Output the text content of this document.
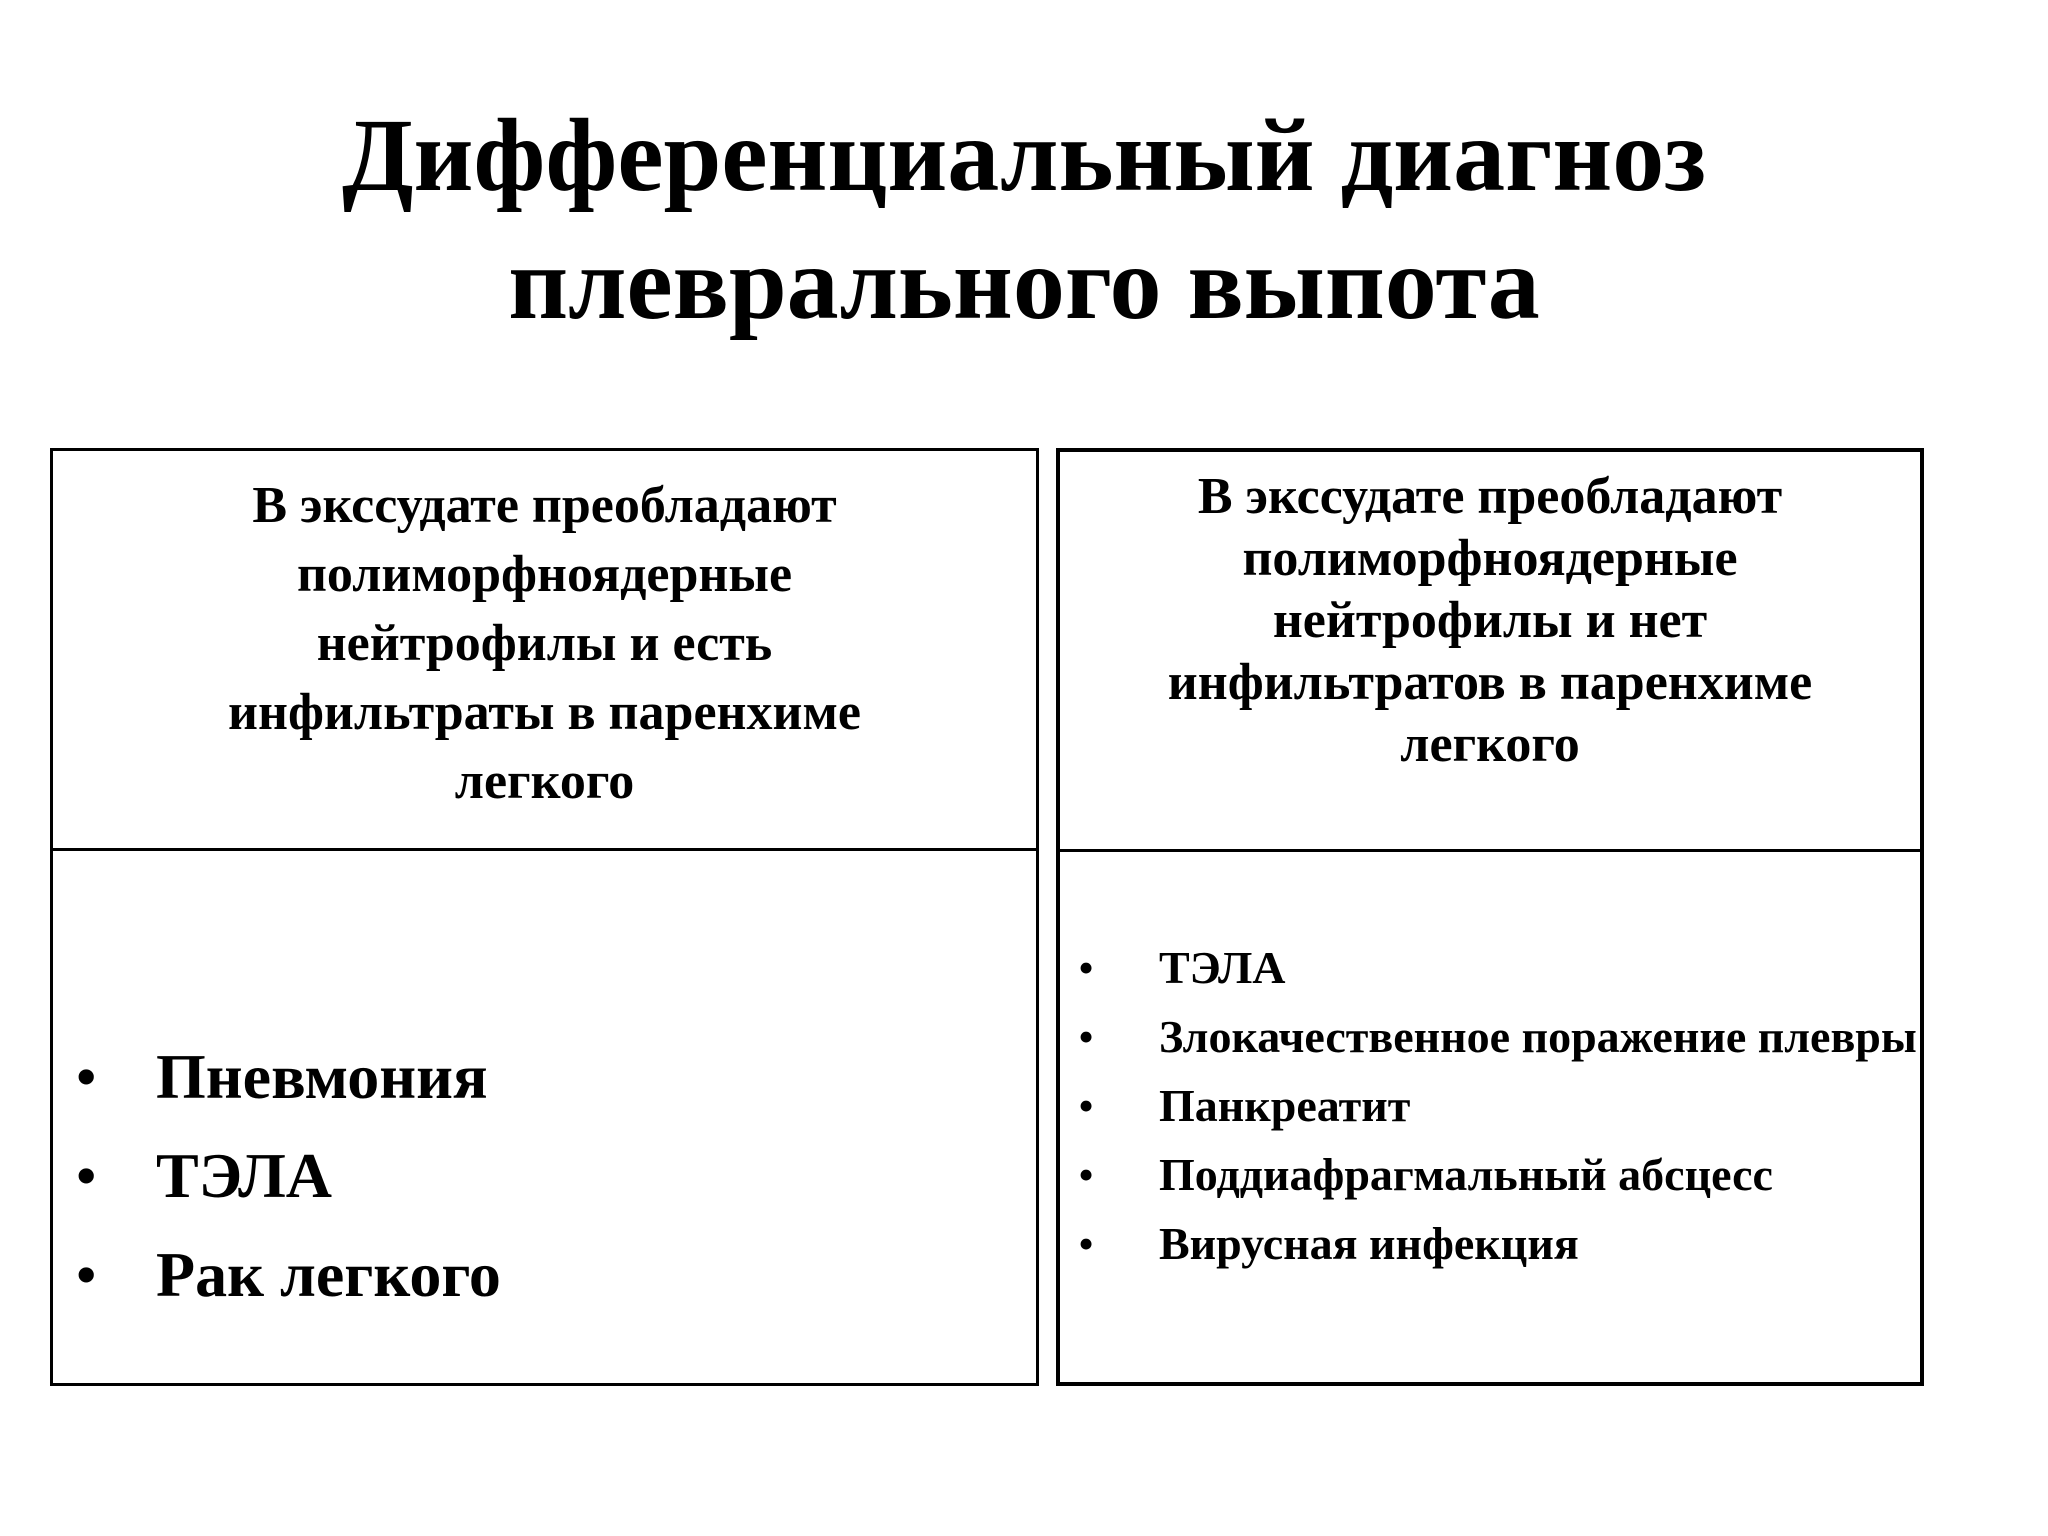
Дифференциальный диагноз
плеврального выпота
В экссудате преобладают
полиморфноядерные
нейтрофилы и есть
инфильтраты в паренхиме
легкого
• Пневмония
• ТЭЛА
• Рак легкого
В экссудате преобладают
полиморфноядерные
нейтрофилы и нет
инфильтратов в паренхиме
легкого
• ТЭЛА
• Злокачественное поражение плевры
• Панкреатит
• Поддиафрагмальный абсцесс
• Вирусная инфекция
